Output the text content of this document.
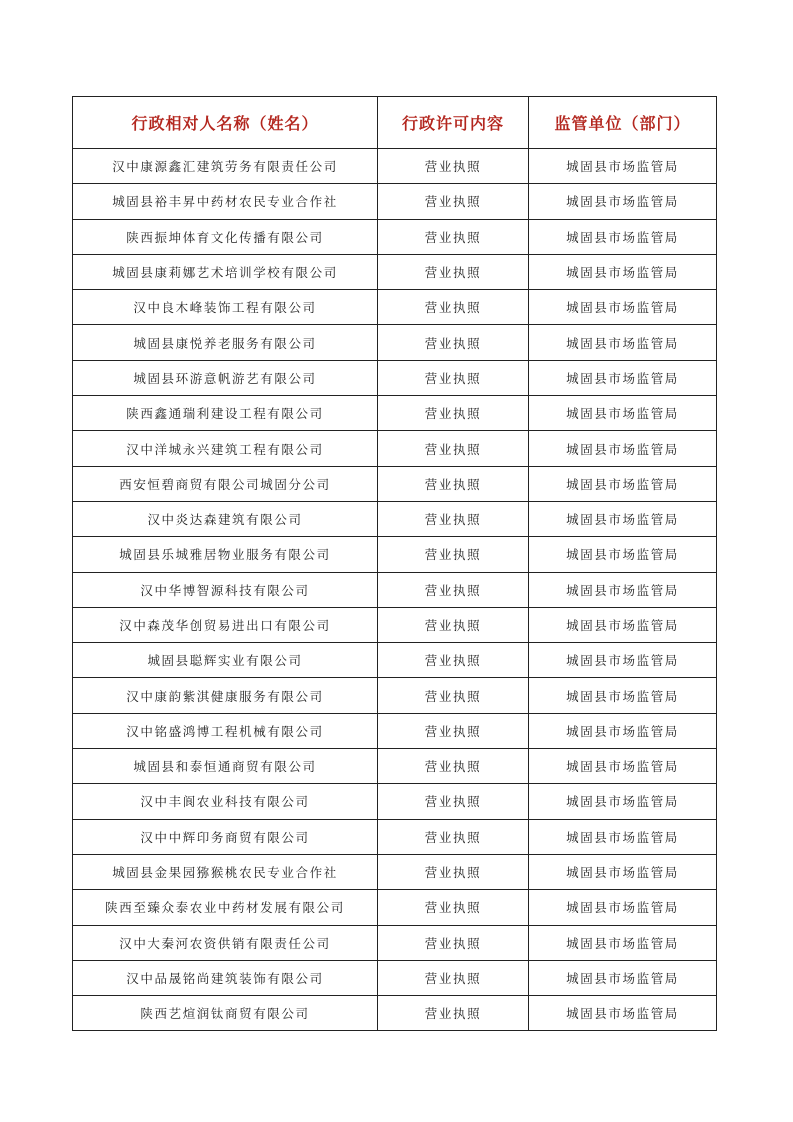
行政相对人名称（姓名）	行政许可内容	监管单位（部门）
汉中康源鑫汇建筑劳务有限责任公司	营业执照	城固县市场监管局
城固县裕丰昇中药材农民专业合作社	营业执照	城固县市场监管局
陕西振坤体育文化传播有限公司	营业执照	城固县市场监管局
城固县康莉娜艺术培训学校有限公司	营业执照	城固县市场监管局
汉中良木峰装饰工程有限公司	营业执照	城固县市场监管局
城固县康悦养老服务有限公司	营业执照	城固县市场监管局
城固县环游意帆游艺有限公司	营业执照	城固县市场监管局
陕西鑫通瑞利建设工程有限公司	营业执照	城固县市场监管局
汉中洋城永兴建筑工程有限公司	营业执照	城固县市场监管局
西安恒碧商贸有限公司城固分公司	营业执照	城固县市场监管局
汉中炎达森建筑有限公司	营业执照	城固县市场监管局
城固县乐城雅居物业服务有限公司	营业执照	城固县市场监管局
汉中华博智源科技有限公司	营业执照	城固县市场监管局
汉中森茂华创贸易进出口有限公司	营业执照	城固县市场监管局
城固县聪辉实业有限公司	营业执照	城固县市场监管局
汉中康韵紫淇健康服务有限公司	营业执照	城固县市场监管局
汉中铭盛鸿博工程机械有限公司	营业执照	城固县市场监管局
城固县和泰恒通商贸有限公司	营业执照	城固县市场监管局
汉中丰阆农业科技有限公司	营业执照	城固县市场监管局
汉中中辉印务商贸有限公司	营业执照	城固县市场监管局
城固县金果园猕猴桃农民专业合作社	营业执照	城固县市场监管局
陕西至臻众泰农业中药材发展有限公司	营业执照	城固县市场监管局
汉中大秦河农资供销有限责任公司	营业执照	城固县市场监管局
汉中品晟铭尚建筑装饰有限公司	营业执照	城固县市场监管局
陕西艺煊润钛商贸有限公司	营业执照	城固县市场监管局
